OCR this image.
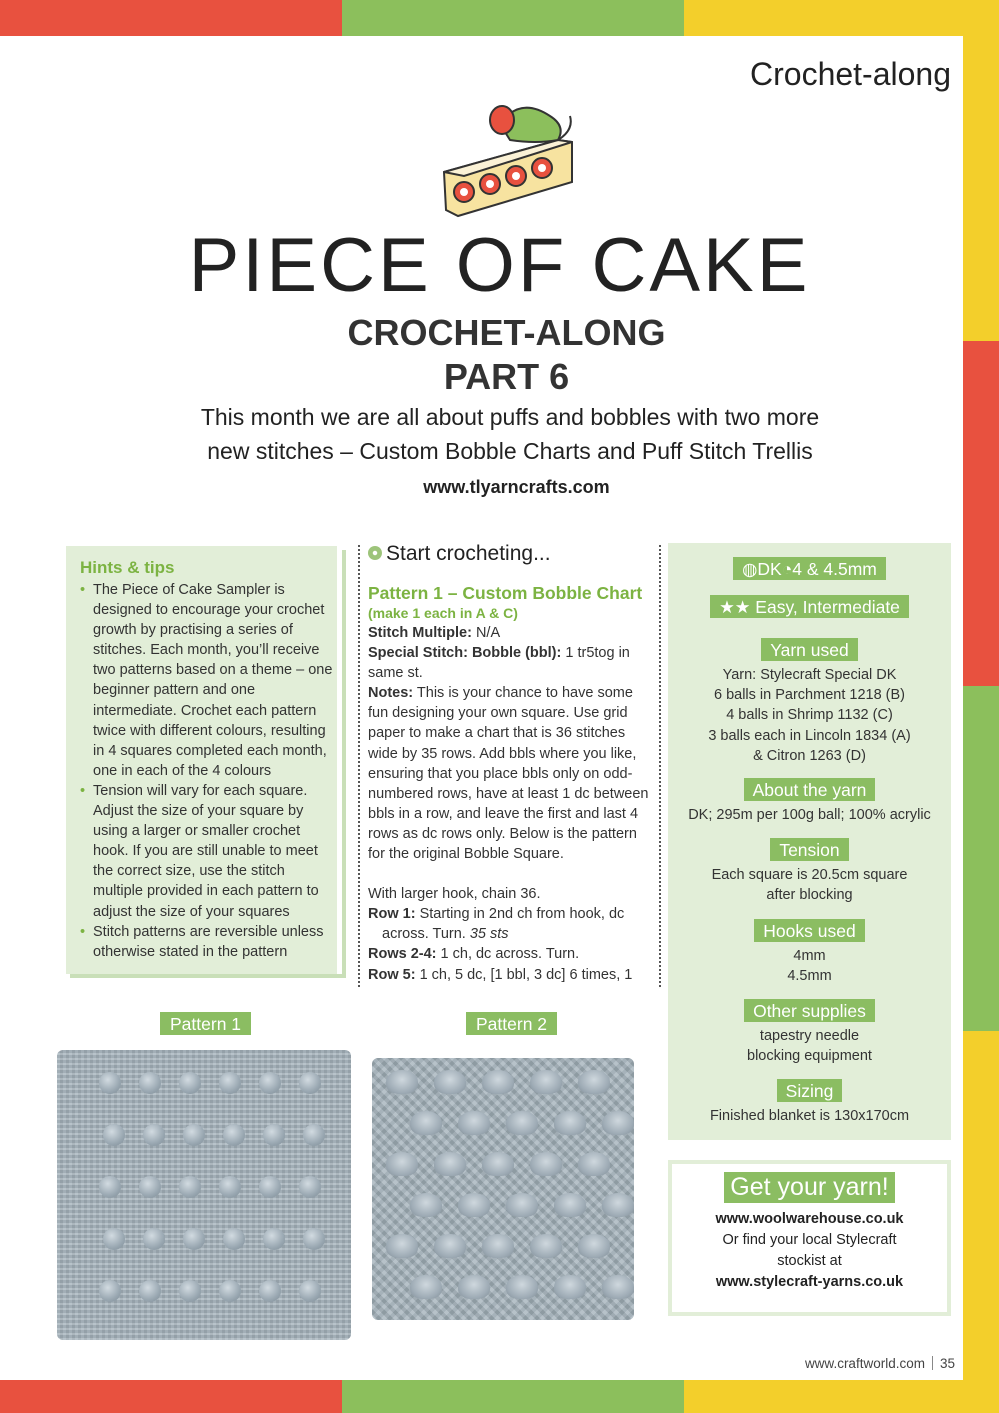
Crochet-along
PIECE OF CAKE
CROCHET-ALONG
PART 6
This month we are all about puffs and bobbles with two more
new stitches – Custom Bobble Charts and Puff Stitch Trellis
www.tlyarncrafts.com
Hints & tips
• The Piece of Cake Sampler is designed to encourage your crochet growth by practising a series of stitches. Each month, you’ll receive two patterns based on a theme – one beginner pattern and one intermediate. Crochet each pattern twice with different colours, resulting in 4 squares completed each month, one in each of the 4 colours
• Tension will vary for each square. Adjust the size of your square by using a larger or smaller crochet hook. If you are still unable to meet the correct size, use the stitch multiple provided in each pattern to adjust the size of your squares
• Stitch patterns are reversible unless otherwise stated in the pattern
Start crocheting...
Pattern 1 – Custom Bobble Chart (make 1 each in A & C)

Stitch Multiple: N/A

Special Stitch: Bobble (bbl): 1 tr5tog in same st.

Notes: This is your chance to have some fun designing your own square. Use grid paper to make a chart that is 36 stitches wide by 35 rows. Add bbls where you like, ensuring that you place bbls only on odd-numbered rows, have at least 1 dc between bbls in a row, and leave the first and last 4 rows as dc rows only. Below is the pattern for the original Bobble Square.

With larger hook, chain 36.

Row 1: Starting in 2nd ch from hook, dc

across. Turn. 35 sts

Rows 2-4: 1 ch, dc across. Turn.

Row 5: 1 ch, 5 dc, [1 bbl, 3 dc] 6 times, 1

◍DK◔4 & 4.5mm
★★ Easy, Intermediate
Yarn used
Yarn: Stylecraft Special DK
6 balls in Parchment 1218 (B)
4 balls in Shrimp 1132 (C)
3 balls each in Lincoln 1834 (A)
& Citron 1263 (D)
About the yarn
DK; 295m per 100g ball; 100% acrylic
Tension
Each square is 20.5cm square
after blocking
Hooks used
4mm
4.5mm
Other supplies
tapestry needle
blocking equipment
Sizing
Finished blanket is 130x170cm
Get your yarn!
www.woolwarehouse.co.uk
Or find your local Stylecraft
stockist at
www.stylecraft-yarns.co.uk
Pattern 1	Pattern 2
www.craftworld.com 35
